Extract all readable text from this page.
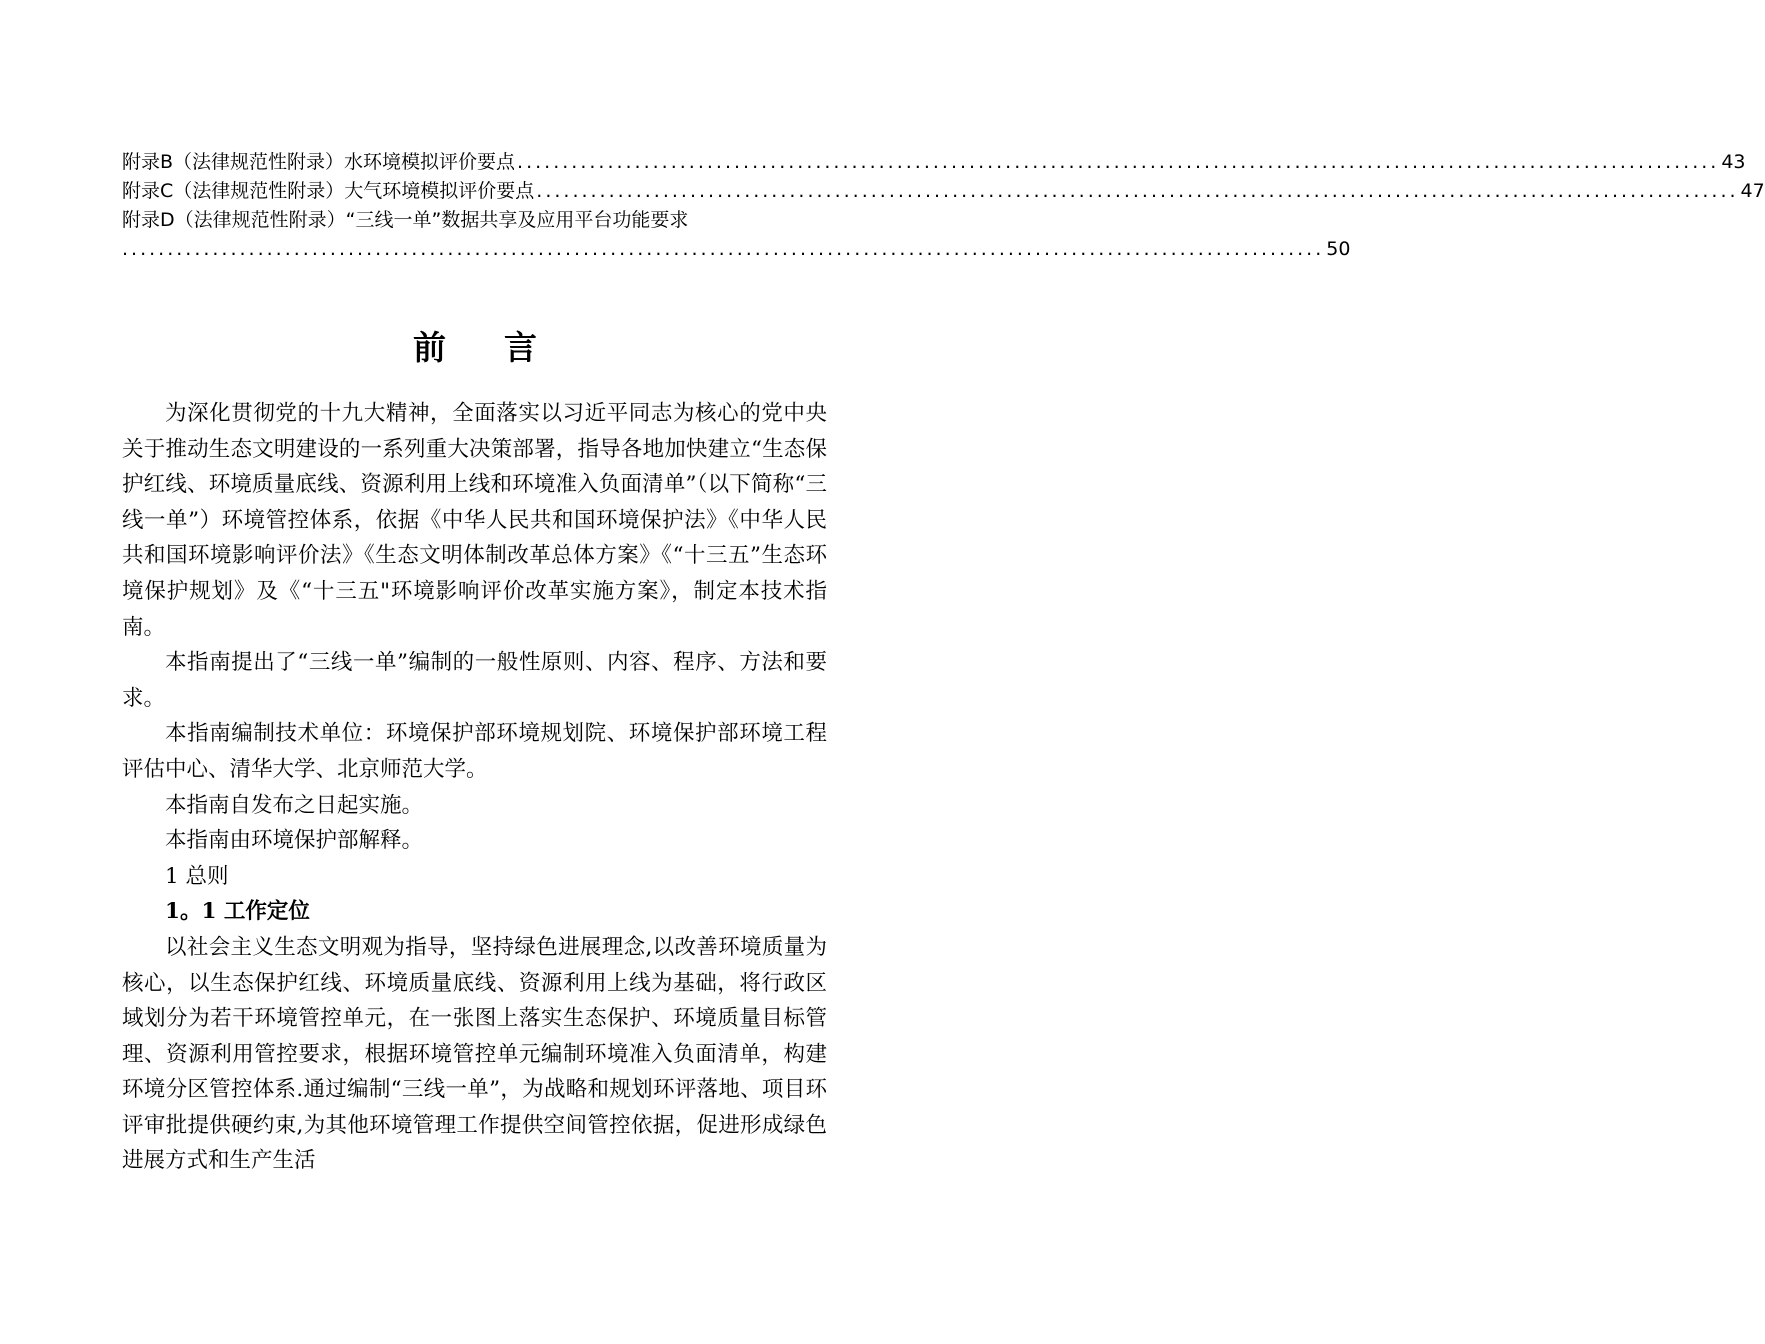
附录B（法律规范性附录）水环境模拟评价要点 ..................................................................................................................................... 43
附录C（法律规范性附录）大气环境模拟评价要点 ..................................................................................................................................... 47
附录D（法律规范性附录）“三线一单”数据共享及应用平台功能要求
..................................................................................................................................... 50
前言

为深化贯彻党的十九大精神，全面落实以习近平同志为核心的党中央关于推动生态文明建设的一系列重大决策部署，指导各地加快建立“生态保护红线、环境质量底线、资源利用上线和环境准入负面清单”（以下简称“三线一单”）环境管控体系，依据《中华人民共和国环境保护法》《中华人民共和国环境影响评价法》《生态文明体制改革总体方案》《“十三五”生态环境保护规划》及《“十三五"环境影响评价改革实施方案》，制定本技术指南。

本指南提出了“三线一单”编制的一般性原则、内容、程序、方法和要求。

本指南编制技术单位：环境保护部环境规划院、环境保护部环境工程评估中心、清华大学、北京师范大学。

本指南自发布之日起实施。

本指南由环境保护部解释。

1 总则
1。1 工作定位

以社会主义生态文明观为指导，坚持绿色进展理念,以改善环境质量为核心，以生态保护红线、环境质量底线、资源利用上线为基础，将行政区域划分为若干环境管控单元，在一张图上落实生态保护、环境质量目标管理、资源利用管控要求，根据环境管控单元编制环境准入负面清单，构建环境分区管控体系.通过编制“三线一单”，为战略和规划环评落地、项目环评审批提供硬约束,为其他环境管理工作提供空间管控依据，促进形成绿色进展方式和生产生活
